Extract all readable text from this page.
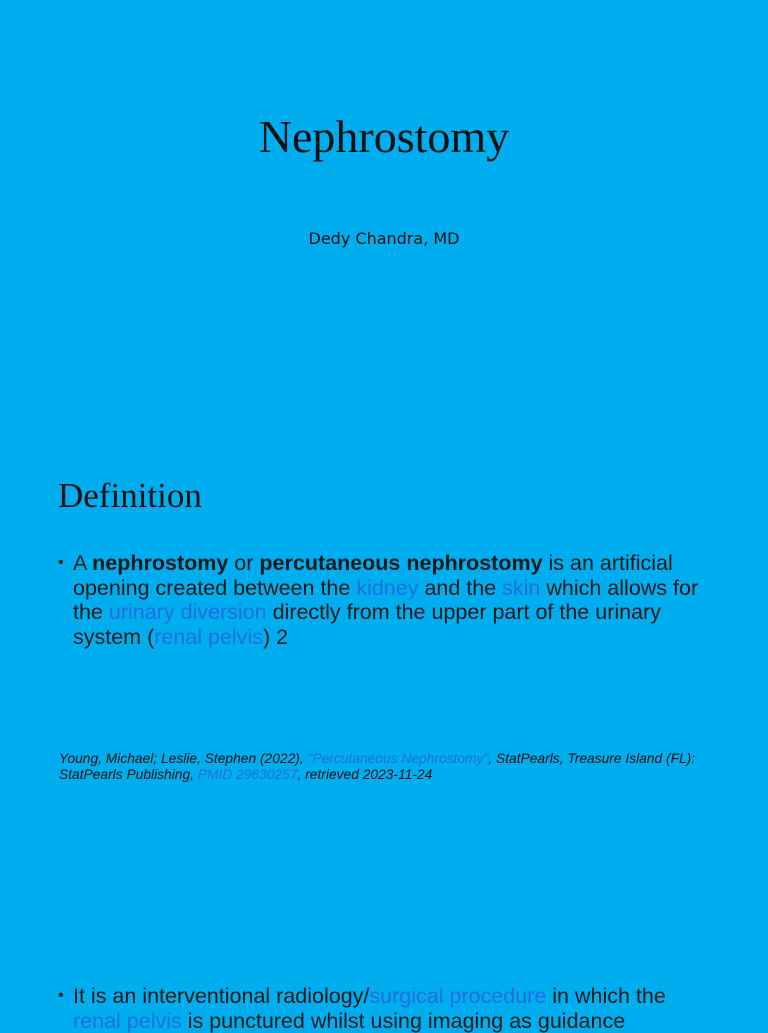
Nephrostomy
Dedy Chandra, MD
Definition
• A nephrostomy or percutaneous nephrostomy is an artificial opening created between the kidney and the skin which allows for the urinary diversion directly from the upper part of the urinary system (renal pelvis) 2
Young, Michael; Leslie, Stephen (2022), "Percutaneous Nephrostomy", StatPearls, Treasure Island (FL): StatPearls Publishing, PMID 29630257, retrieved 2023-11-24
• It is an interventional radiology/surgical procedure in which the renal pelvis is punctured whilst using imaging as guidance
